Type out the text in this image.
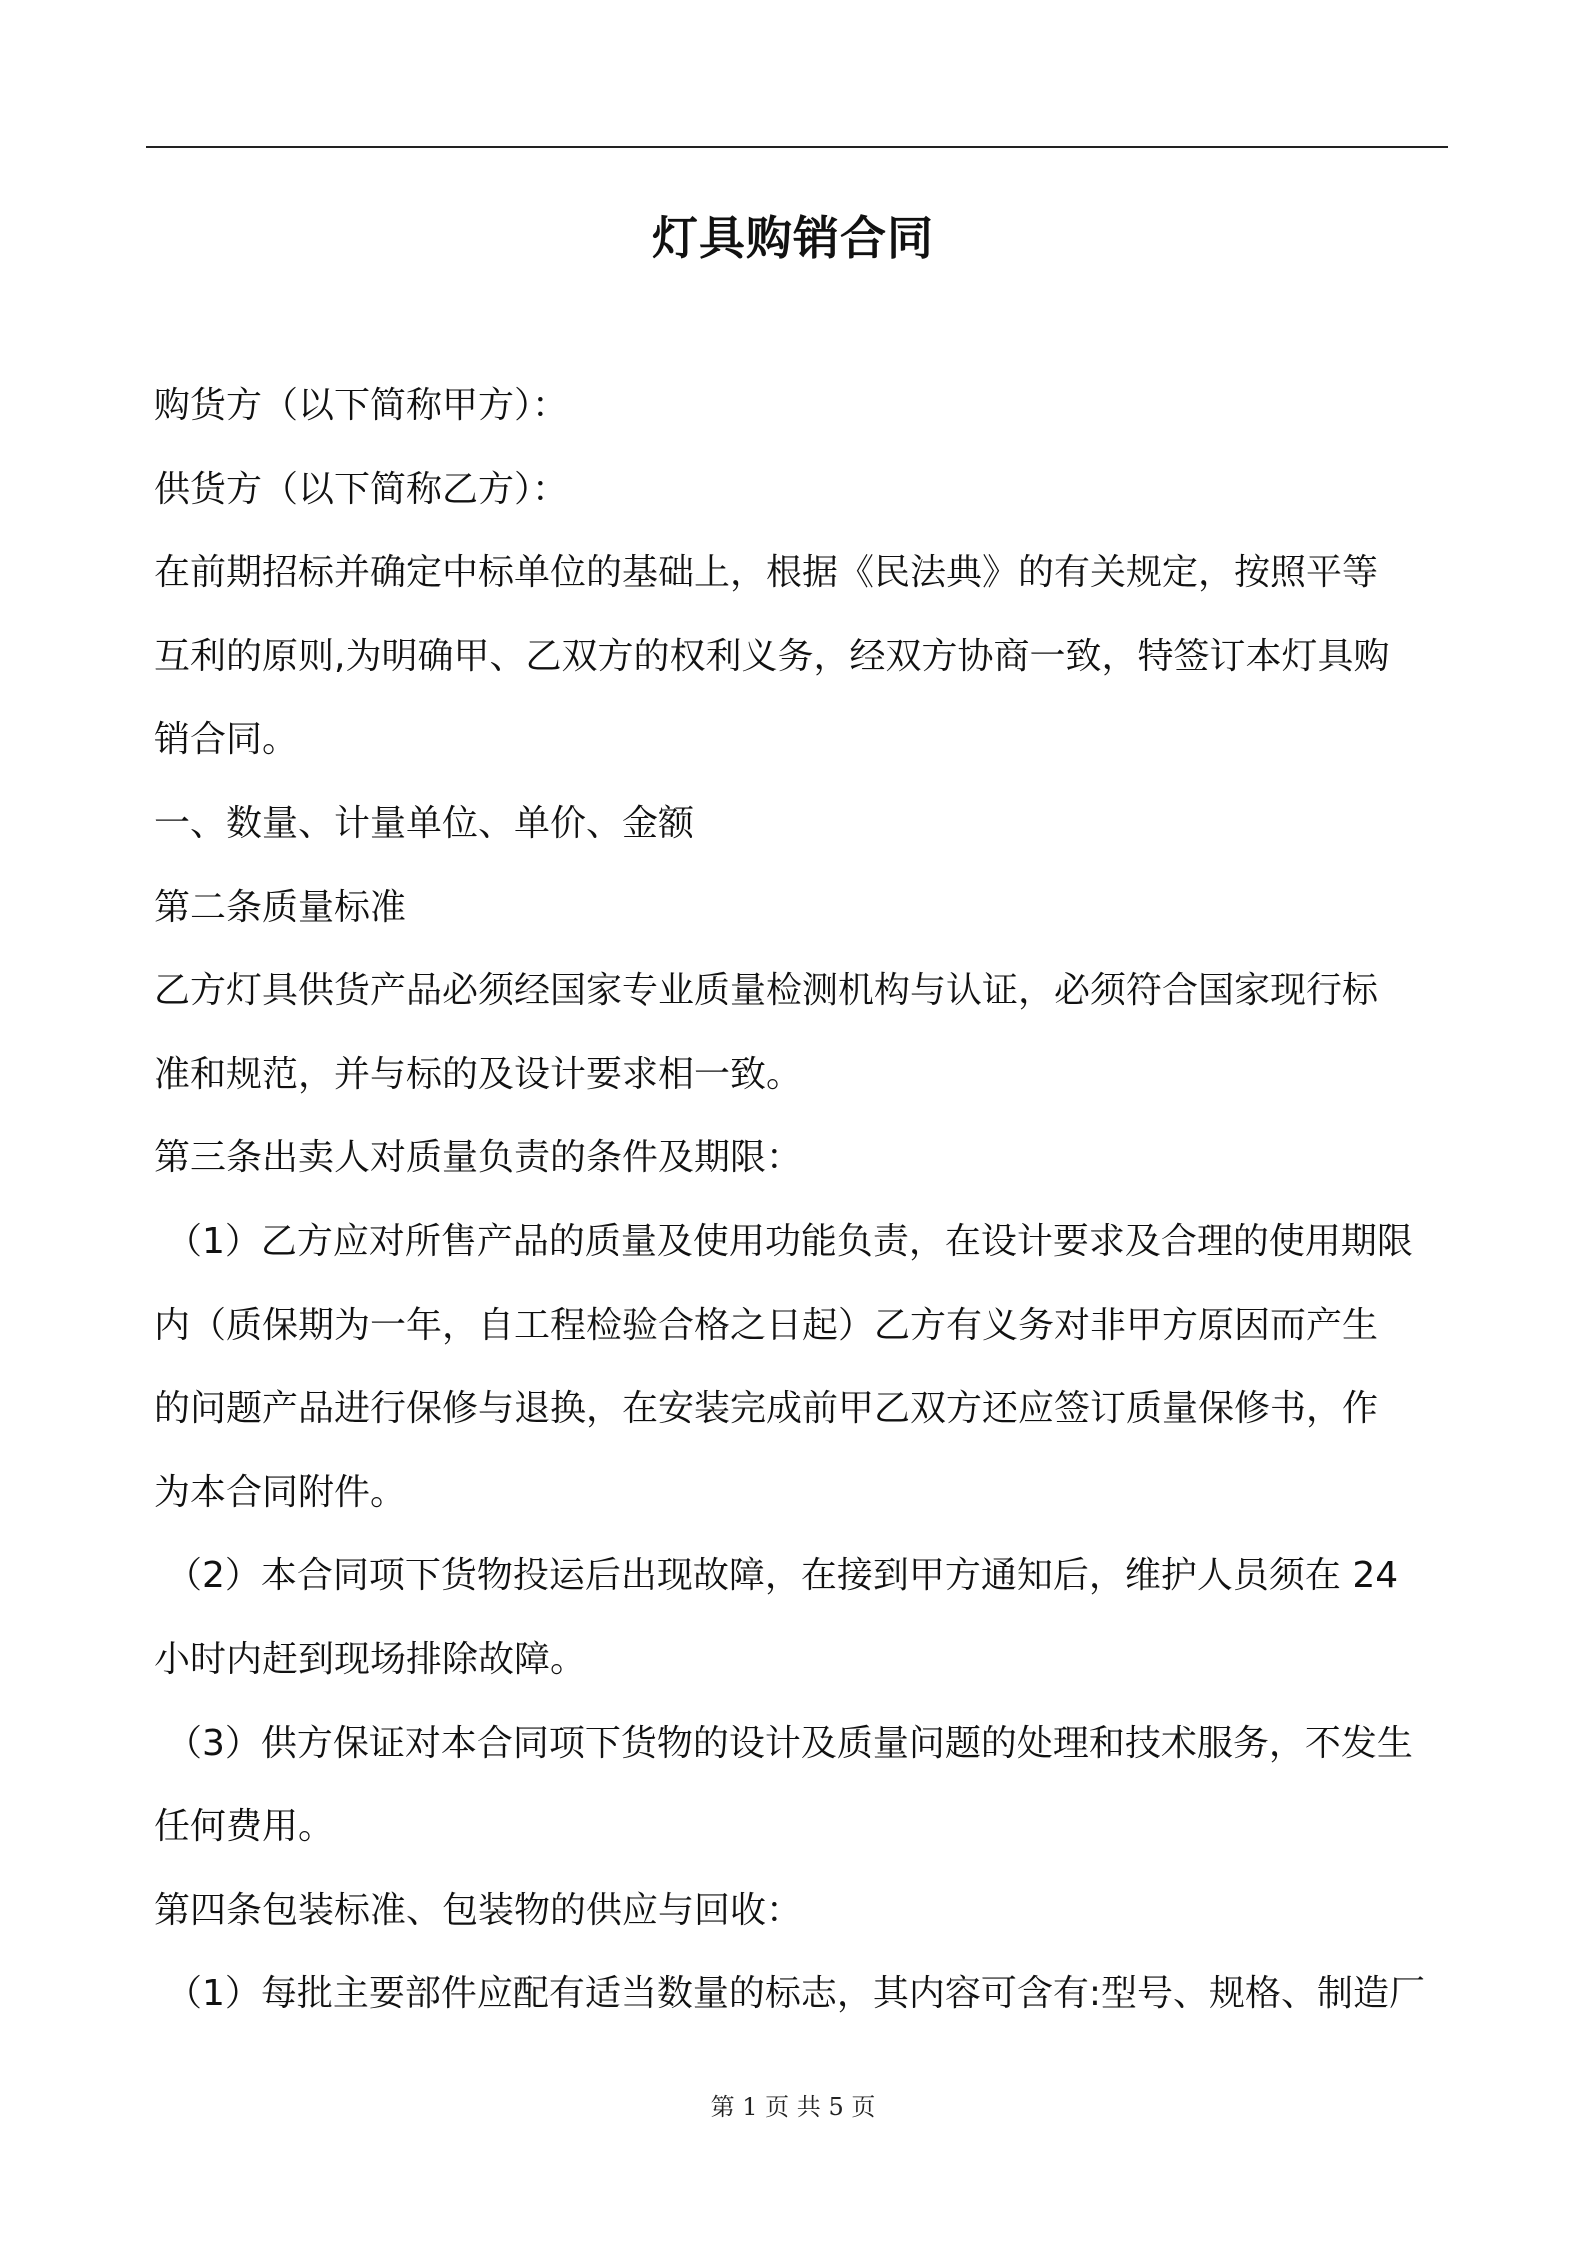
灯具购销合同

购货方（以下简称甲方）：

供货方（以下简称乙方）：

在前期招标并确定中标单位的基础上，根据《民法典》的有关规定，按照平等

互利的原则,为明确甲、乙双方的权利义务，经双方协商一致，特签订本灯具购

销合同。

一、数量、计量单位、单价、金额

第二条质量标准

乙方灯具供货产品必须经国家专业质量检测机构与认证，必须符合国家现行标

准和规范，并与标的及设计要求相一致。

第三条出卖人对质量负责的条件及期限：

（1）乙方应对所售产品的质量及使用功能负责，在设计要求及合理的使用期限

内（质保期为一年，自工程检验合格之日起）乙方有义务对非甲方原因而产生

的问题产品进行保修与退换，在安装完成前甲乙双方还应签订质量保修书，作

为本合同附件。

（2）本合同项下货物投运后出现故障，在接到甲方通知后，维护人员须在 24

小时内赶到现场排除故障。

（3）供方保证对本合同项下货物的设计及质量问题的处理和技术服务，不发生

任何费用。

第四条包装标准、包装物的供应与回收：

（1）每批主要部件应配有适当数量的标志，其内容可含有:型号、规格、制造厂

第 1 页 共 5 页
